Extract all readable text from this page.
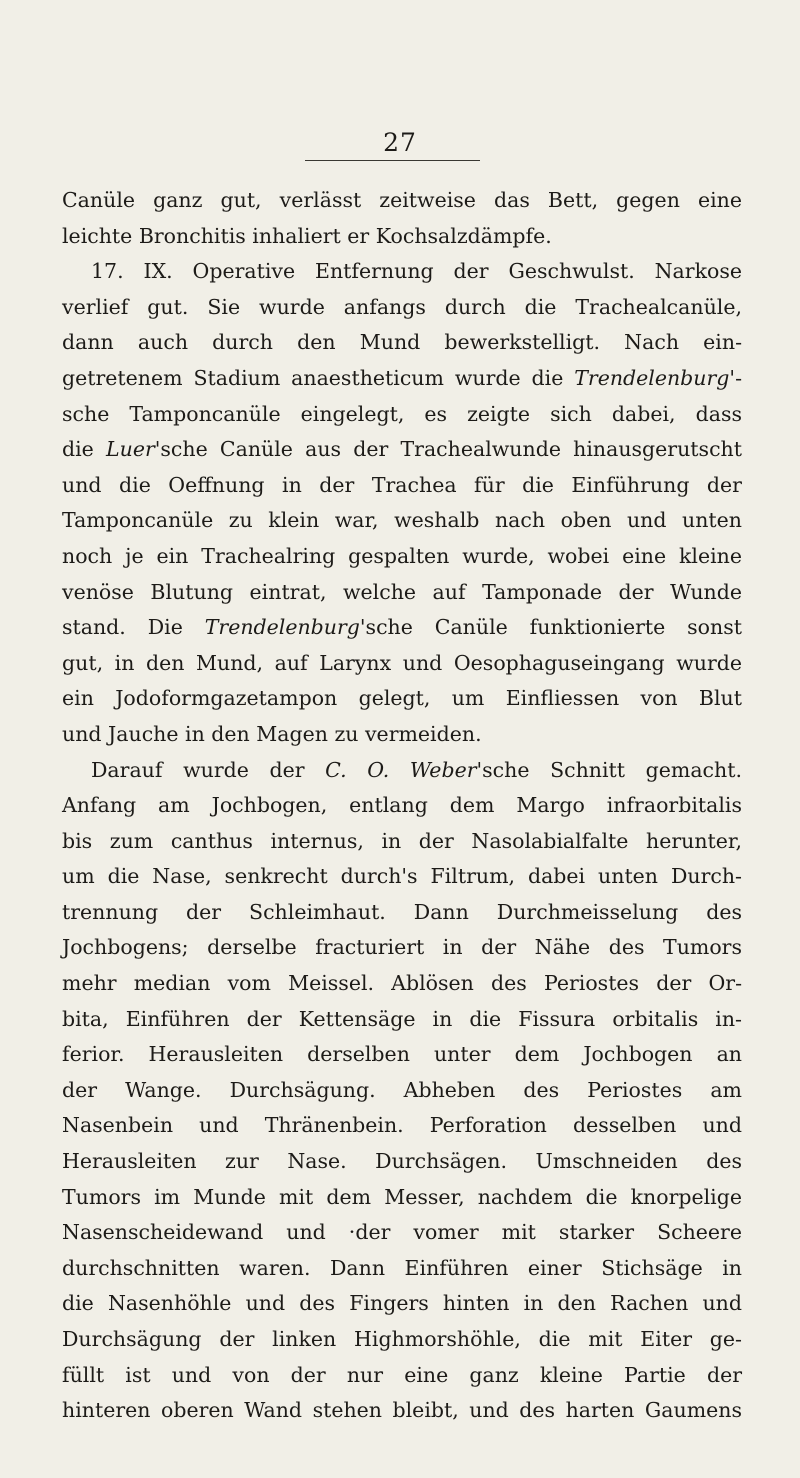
27
Canüle ganz gut, verlässt zeitweise das Bett, gegen eine
leichte Bronchitis inhaliert er Kochsalzdämpfe.
17. IX. Operative Entfernung der Geschwulst. Narkose
verlief gut. Sie wurde anfangs durch die Trachealcanüle,
dann auch durch den Mund bewerkstelligt. Nach ein-
getretenem Stadium anaestheticum wurde die Trendelenburg'-
sche Tamponcanüle eingelegt, es zeigte sich dabei, dass
die Luer'sche Canüle aus der Trachealwunde hinausgerutscht
und die Oeffnung in der Trachea für die Einführung der
Tamponcanüle zu klein war, weshalb nach oben und unten
noch je ein Trachealring gespalten wurde, wobei eine kleine
venöse Blutung eintrat, welche auf Tamponade der Wunde
stand. Die Trendelenburg'sche Canüle funktionierte sonst
gut, in den Mund, auf Larynx und Oesophaguseingang wurde
ein Jodoformgazetampon gelegt, um Einfliessen von Blut
und Jauche in den Magen zu vermeiden.
Darauf wurde der C. O. Weber'sche Schnitt gemacht.
Anfang am Jochbogen, entlang dem Margo infraorbitalis
bis zum canthus internus, in der Nasolabialfalte herunter,
um die Nase, senkrecht durch's Filtrum, dabei unten Durch-
trennung der Schleimhaut. Dann Durchmeisselung des
Jochbogens; derselbe fracturiert in der Nähe des Tumors
mehr median vom Meissel. Ablösen des Periostes der Or-
bita, Einführen der Kettensäge in die Fissura orbitalis in-
ferior. Herausleiten derselben unter dem Jochbogen an
der Wange. Durchsägung. Abheben des Periostes am
Nasenbein und Thränenbein. Perforation desselben und
Herausleiten zur Nase. Durchsägen. Umschneiden des
Tumors im Munde mit dem Messer, nachdem die knorpelige
Nasenscheidewand und ·der vomer mit starker Scheere
durchschnitten waren. Dann Einführen einer Stichsäge in
die Nasenhöhle und des Fingers hinten in den Rachen und
Durchsägung der linken Highmorshöhle, die mit Eiter ge-
füllt ist und von der nur eine ganz kleine Partie der
hinteren oberen Wand stehen bleibt, und des harten Gaumens
